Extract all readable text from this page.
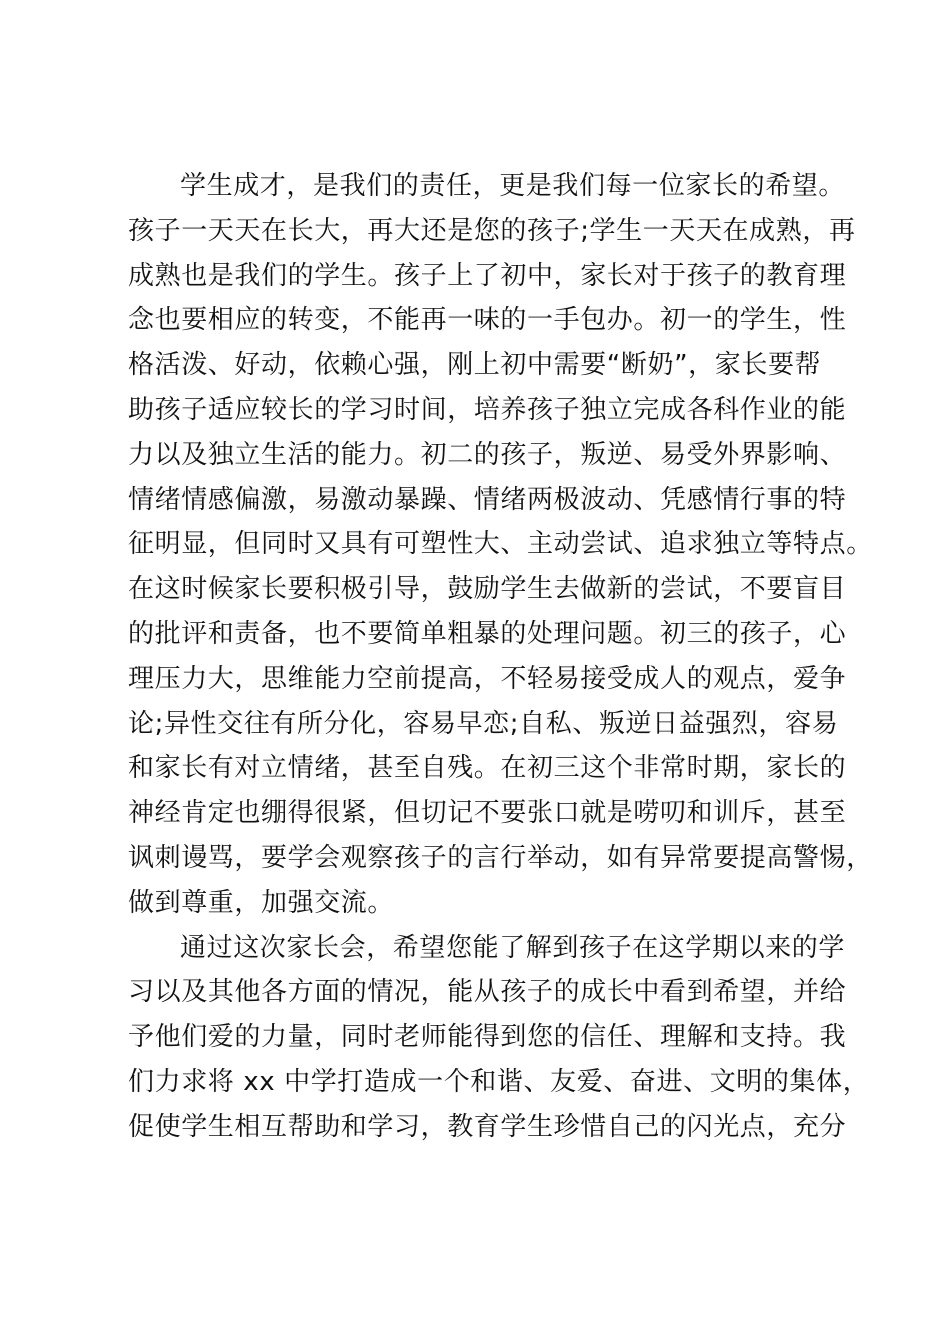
学生成才，是我们的责任，更是我们每一位家长的希望。
孩子一天天在长大，再大还是您的孩子;学生一天天在成熟，再
成熟也是我们的学生。孩子上了初中，家长对于孩子的教育理
念也要相应的转变，不能再一味的一手包办。初一的学生，性
格活泼、好动，依赖心强，刚上初中需要“断奶”，家长要帮
助孩子适应较长的学习时间，培养孩子独立完成各科作业的能
力以及独立生活的能力。初二的孩子，叛逆、易受外界影响、
情绪情感偏激，易激动暴躁、情绪两极波动、凭感情行事的特
征明显，但同时又具有可塑性大、主动尝试、追求独立等特点。
在这时候家长要积极引导，鼓励学生去做新的尝试，不要盲目
的批评和责备，也不要简单粗暴的处理问题。初三的孩子，心
理压力大，思维能力空前提高，不轻易接受成人的观点，爱争
论;异性交往有所分化，容易早恋;自私、叛逆日益强烈，容易
和家长有对立情绪，甚至自残。在初三这个非常时期，家长的
神经肯定也绷得很紧，但切记不要张口就是唠叨和训斥，甚至
讽刺谩骂，要学会观察孩子的言行举动，如有异常要提高警惕，
做到尊重，加强交流。
通过这次家长会，希望您能了解到孩子在这学期以来的学
习以及其他各方面的情况，能从孩子的成长中看到希望，并给
予他们爱的力量，同时老师能得到您的信任、理解和支持。我
们力求将 xx 中学打造成一个和谐、友爱、奋进、文明的集体，
促使学生相互帮助和学习，教育学生珍惜自己的闪光点，充分
